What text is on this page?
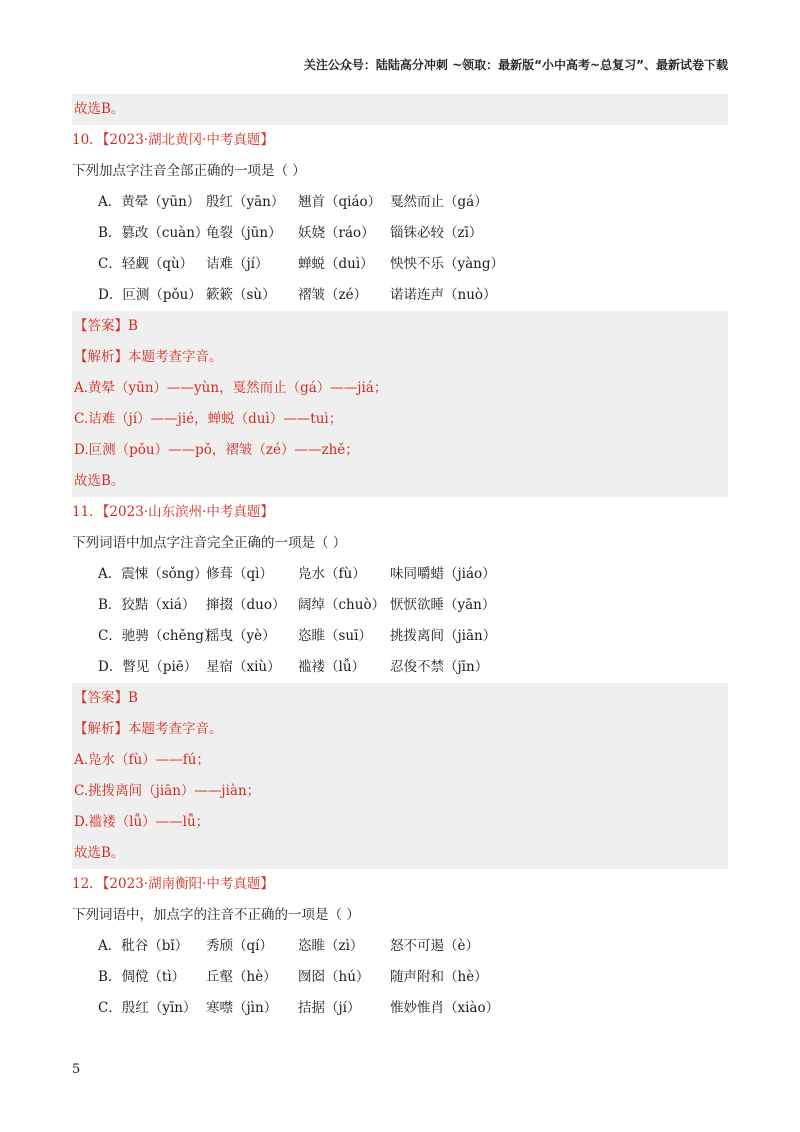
关注公众号：陆陆高分冲刺 ~领取：最新版“小中高考~总复习”、最新试卷下载
故选B。
10．【2023·湖北黄冈·中考真题】
下列加点字注音全部正确的一项是（ ）
A．黄晕（yūn） 殷红（yān） 翘首（qiáo） 戛然而止（gá）
B．篡改（cuàn）龟裂（jūn） 妖娆（ráo） 锱铢必较（zī）
C．轻觑（qù） 诘难（jí） 蝉蜕（duì） 怏怏不乐（yàng）
D．叵测（pǒu） 簌簌（sù） 褶皱（zé） 诺诺连声（nuò）
【答案】B
【解析】本题考查字音。
A.黄晕（yūn）——yùn，戛然而止（gá）——jiá；
C.诘难（jí）——jié，蝉蜕（duì）——tuì；
D.叵测（pǒu）——pǒ，褶皱（zé）——zhě；
故选B。
11．【2023·山东滨州·中考真题】
下列词语中加点字注音完全正确的一项是（ ）
A．震悚（sǒng）修葺（qì） 凫水（fù） 味同嚼蜡（jiáo）
B．狡黠（xiá） 撺掇（duo） 阔绰（chuò） 恹恹欲睡（yān）
C．驰骋（chěng）摇曳（yè） 恣睢（suī） 挑拨离间（jiān）
D．瞥见（piē） 星宿（xiù） 褴褛（lǚ） 忍俊不禁（jīn）
【答案】B
【解析】本题考查字音。
A.凫水（fù）——fú；
C.挑拨离间（jiān）——jiàn；
D.褴褛（lǚ）——lǚ；
故选B。
12．【2023·湖南衡阳·中考真题】
下列词语中，加点字的注音不正确的一项是（ ）
A．秕谷（bǐ） 秀颀（qí） 恣睢（zì） 怒不可遏（è）
B．倜傥（tì） 丘壑（hè） 囫囵（hú） 随声附和（hè）
C．殷红（yīn） 寒噤（jìn） 拮据（jí） 惟妙惟肖（xiào）
5
